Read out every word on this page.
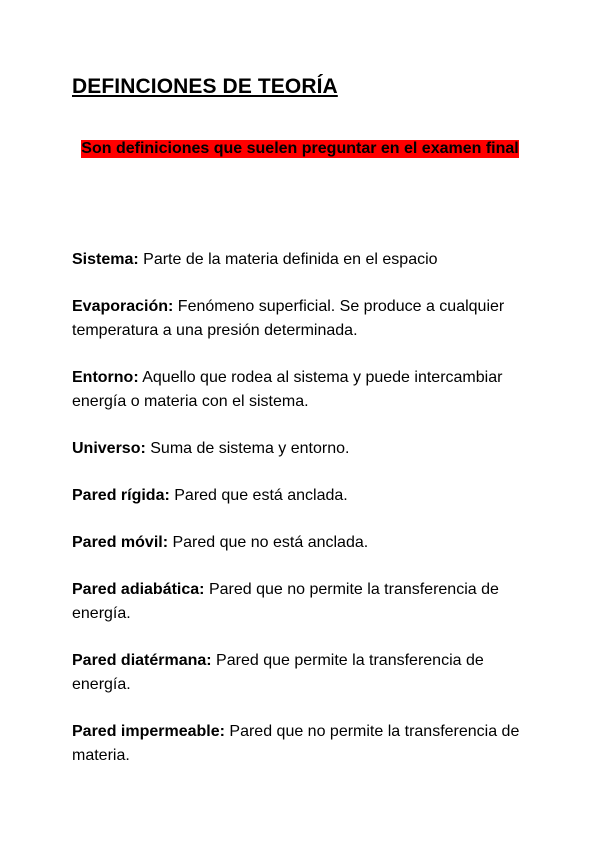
DEFINCIONES DE TEORÍA

Son definiciones que suelen preguntar en el examen final

Sistema: Parte de la materia definida en el espacio
Evaporación: Fenómeno superficial. Se produce a cualquier temperatura a una presión determinada.
Entorno: Aquello que rodea al sistema y puede intercambiar energía o materia con el sistema.
Universo: Suma de sistema y entorno.
Pared rígida: Pared que está anclada.
Pared móvil: Pared que no está anclada.
Pared adiabática: Pared que no permite la transferencia de energía.
Pared diatérmana: Pared que permite la transferencia de energía.
Pared impermeable: Pared que no permite la transferencia de materia.
